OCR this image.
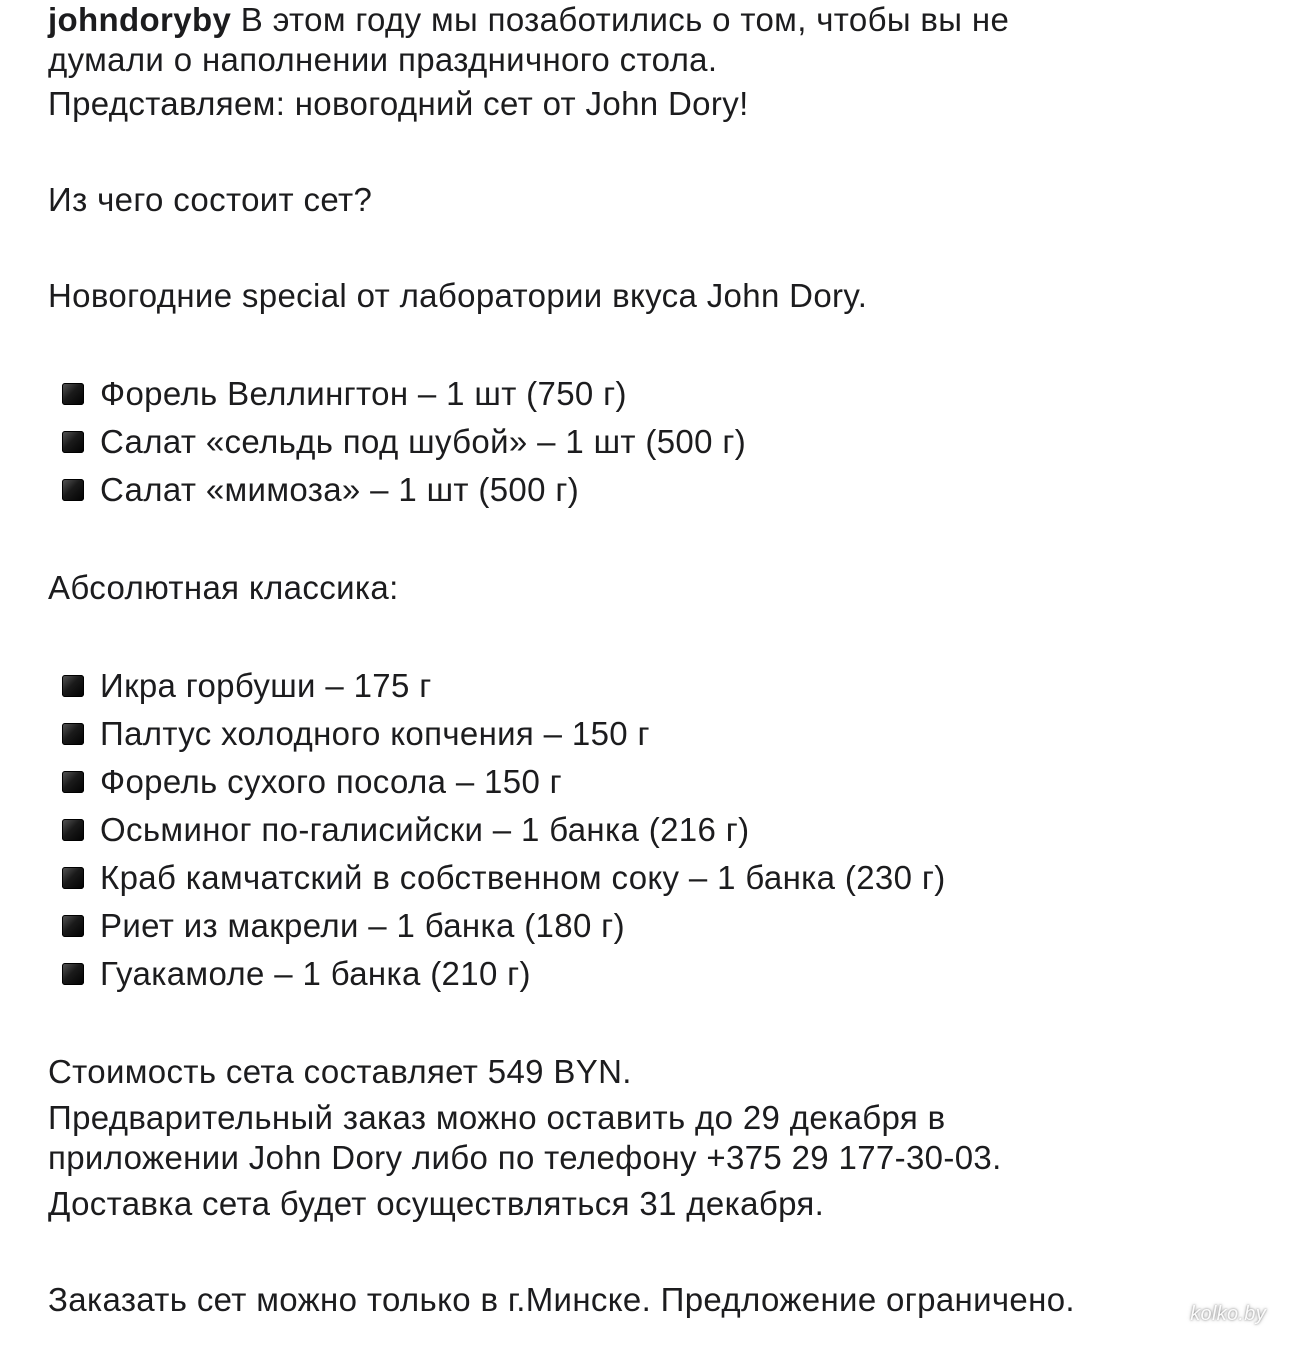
johndoryby В этом году мы позаботились о том, чтобы вы не
думали о наполнении праздничного стола.
Представляем: новогодний сет от John Dory!
Из чего состоит сет?
Новогодние special от лаборатории вкуса John Dory.
Форель Веллингтон – 1 шт (750 г)
Салат «сельдь под шубой» – 1 шт (500 г)
Салат «мимоза» – 1 шт (500 г)
Абсолютная классика:
Икра горбуши – 175 г
Палтус холодного копчения – 150 г
Форель сухого посола – 150 г
Осьминог по-галисийски – 1 банка (216 г)
Краб камчатский в собственном соку – 1 банка (230 г)
Риет из макрели – 1 банка (180 г)
Гуакамоле – 1 банка (210 г)
Стоимость сета составляет 549 BYN.
Предварительный заказ можно оставить до 29 декабря в
приложении John Dory либо по телефону +375 29 177-30-03.
Доставка сета будет осуществляться 31 декабря.
Заказать сет можно только в г.Минске. Предложение ограничено.	kolko.by
